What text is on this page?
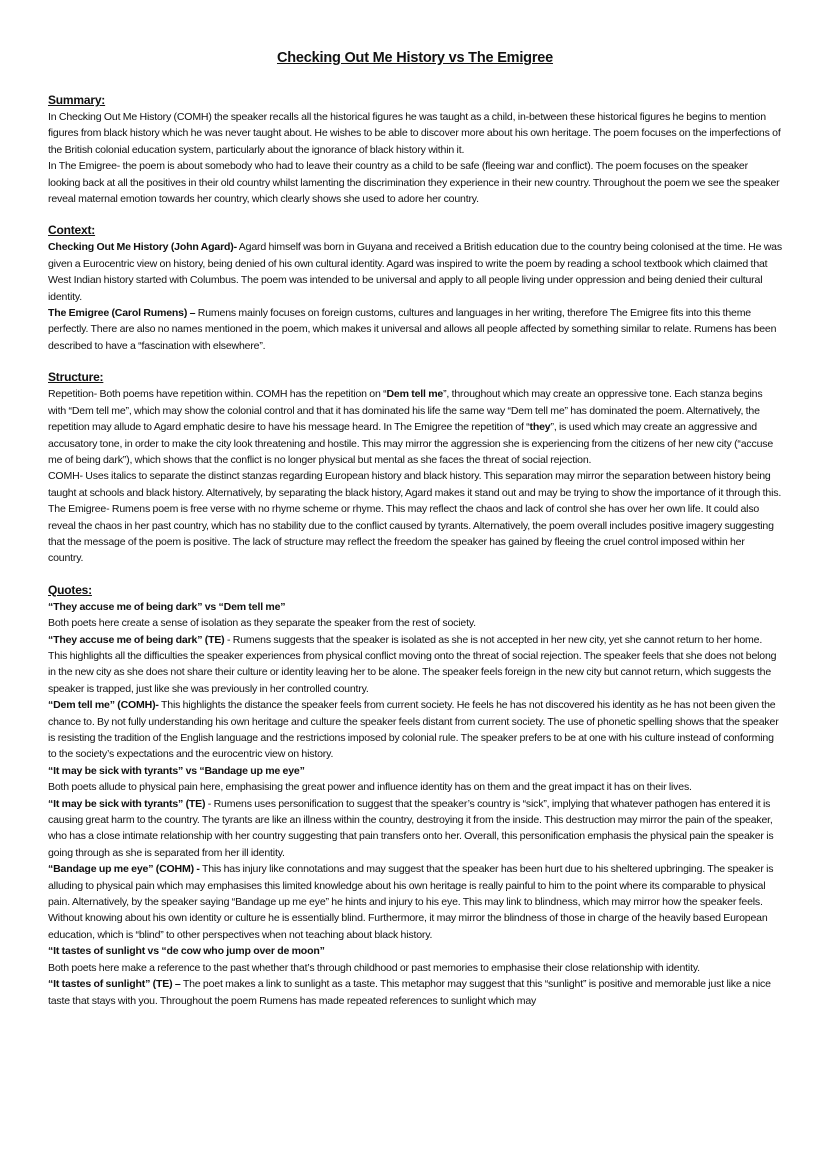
Checking Out Me History vs The Emigree
Summary:

In Checking Out Me History (COMH) the speaker recalls all the historical figures he was taught as a child, in-between these historical figures he begins to mention figures from black history which he was never taught about. He wishes to be able to discover more about his own heritage. The poem focuses on the imperfections of the British colonial education system, particularly about the ignorance of black history within it.

In The Emigree- the poem is about somebody who had to leave their country as a child to be safe (fleeing war and conflict). The poem focuses on the speaker looking back at all the positives in their old country whilst lamenting the discrimination they experience in their new country. Throughout the poem we see the speaker reveal maternal emotion towards her country, which clearly shows she used to adore her country.

Context:

Checking Out Me History (John Agard)- Agard himself was born in Guyana and received a British education due to the country being colonised at the time. He was given a Eurocentric view on history, being denied of his own cultural identity. Agard was inspired to write the poem by reading a school textbook which claimed that West Indian history started with Columbus. The poem was intended to be universal and apply to all people living under oppression and being denied their cultural identity.

The Emigree (Carol Rumens) – Rumens mainly focuses on foreign customs, cultures and languages in her writing, therefore The Emigree fits into this theme perfectly. There are also no names mentioned in the poem, which makes it universal and allows all people affected by something similar to relate. Rumens has been described to have a “fascination with elsewhere”.

Structure:

Repetition- Both poems have repetition within. COMH has the repetition on “Dem tell me”, throughout which may create an oppressive tone. Each stanza begins with “Dem tell me”, which may show the colonial control and that it has dominated his life the same way “Dem tell me” has dominated the poem. Alternatively, the repetition may allude to Agard emphatic desire to have his message heard. In The Emigree the repetition of “they”, is used which may create an aggressive and accusatory tone, in order to make the city look threatening and hostile. This may mirror the aggression she is experiencing from the citizens of her new city (“accuse me of being dark”), which shows that the conflict is no longer physical but mental as she faces the threat of social rejection.

COMH- Uses italics to separate the distinct stanzas regarding European history and black history. This separation may mirror the separation between history being taught at schools and black history. Alternatively, by separating the black history, Agard makes it stand out and may be trying to show the importance of it through this.

The Emigree- Rumens poem is free verse with no rhyme scheme or rhyme. This may reflect the chaos and lack of control she has over her own life. It could also reveal the chaos in her past country, which has no stability due to the conflict caused by tyrants. Alternatively, the poem overall includes positive imagery suggesting that the message of the poem is positive. The lack of structure may reflect the freedom the speaker has gained by fleeing the cruel control imposed within her country.

Quotes:

“They accuse me of being dark” vs “Dem tell me”

Both poets here create a sense of isolation as they separate the speaker from the rest of society.

“They accuse me of being dark” (TE) - Rumens suggests that the speaker is isolated as she is not accepted in her new city, yet she cannot return to her home. This highlights all the difficulties the speaker experiences from physical conflict moving onto the threat of social rejection. The speaker feels that she does not belong in the new city as she does not share their culture or identity leaving her to be alone. The speaker feels foreign in the new city but cannot return, which suggests the speaker is trapped, just like she was previously in her controlled country.

“Dem tell me” (COMH)- This highlights the distance the speaker feels from current society. He feels he has not discovered his identity as he has not been given the chance to. By not fully understanding his own heritage and culture the speaker feels distant from current society. The use of phonetic spelling shows that the speaker is resisting the tradition of the English language and the restrictions imposed by colonial rule. The speaker prefers to be at one with his culture instead of conforming to the society’s expectations and the eurocentric view on history.

“It may be sick with tyrants” vs “Bandage up me eye”

Both poets allude to physical pain here, emphasising the great power and influence identity has on them and the great impact it has on their lives.

“It may be sick with tyrants” (TE) - Rumens uses personification to suggest that the speaker’s country is “sick”, implying that whatever pathogen has entered it is causing great harm to the country. The tyrants are like an illness within the country, destroying it from the inside. This destruction may mirror the pain of the speaker, who has a close intimate relationship with her country suggesting that pain transfers onto her. Overall, this personification emphasis the physical pain the speaker is going through as she is separated from her ill identity.

“Bandage up me eye” (COHM) - This has injury like connotations and may suggest that the speaker has been hurt due to his sheltered upbringing. The speaker is alluding to physical pain which may emphasises this limited knowledge about his own heritage is really painful to him to the point where its comparable to physical pain. Alternatively, by the speaker saying “Bandage up me eye” he hints and injury to his eye. This may link to blindness, which may mirror how the speaker feels. Without knowing about his own identity or culture he is essentially blind. Furthermore, it may mirror the blindness of those in charge of the heavily based European education, which is “blind” to other perspectives when not teaching about black history.

“It tastes of sunlight vs “de cow who jump over de moon”

Both poets here make a reference to the past whether that’s through childhood or past memories to emphasise their close relationship with identity.

“It tastes of sunlight” (TE) – The poet makes a link to sunlight as a taste. This metaphor may suggest that this “sunlight” is positive and memorable just like a nice taste that stays with you. Throughout the poem Rumens has made repeated references to sunlight which may
